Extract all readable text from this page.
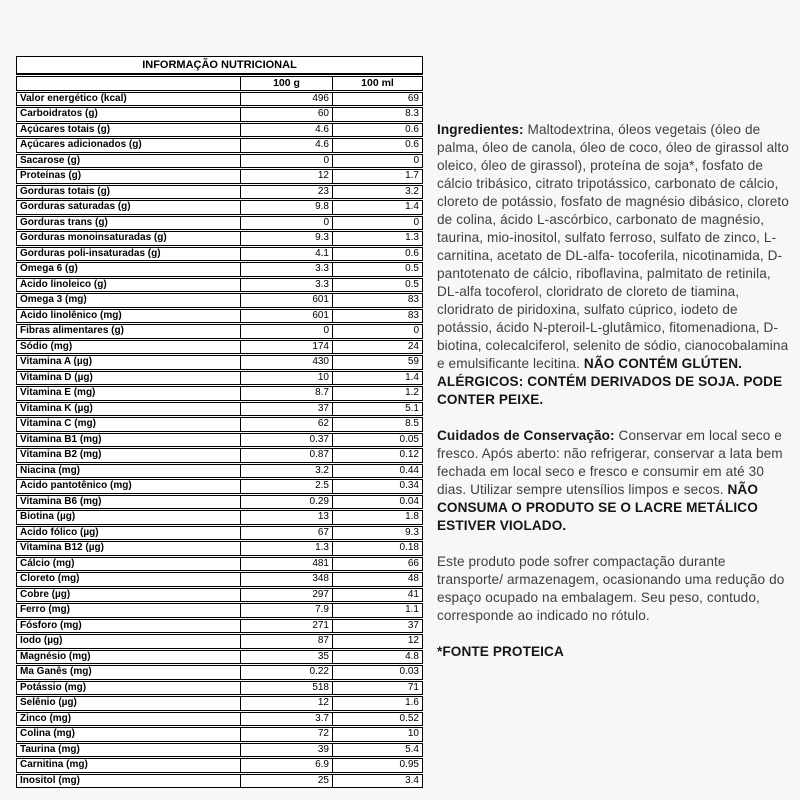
INFORMAÇÃO NUTRICIONAL		
	100 g	100 ml
Valor energético (kcal)	496	69
Carboidratos (g)	60	8.3
Açúcares totais (g)	4.6	0.6
Açúcares adicionados (g)	4.6	0.6
Sacarose (g)	0	0
Proteínas (g)	12	1.7
Gorduras totais (g)	23	3.2
Gorduras saturadas (g)	9.8	1.4
Gorduras trans (g)	0	0
Gorduras monoinsaturadas (g)	9.3	1.3
Gorduras poli-insaturadas (g)	4.1	0.6
Ômega 6 (g)	3.3	0.5
Ácido linoleico (g)	3.3	0.5
Ômega 3 (mg)	601	83
Ácido linolênico (mg)	601	83
Fibras alimentares (g)	0	0
Sódio (mg)	174	24
Vitamina A (µg)	430	59
Vitamina D (µg)	10	1.4
Vitamina E (mg)	8.7	1.2
Vitamina K (µg)	37	5.1
Vitamina C (mg)	62	8.5
Vitamina B1 (mg)	0.37	0.05
Vitamina B2 (mg)	0.87	0.12
Niacina (mg)	3.2	0.44
Ácido pantotênico (mg)	2.5	0.34
Vitamina B6 (mg)	0.29	0.04
Biotina (µg)	13	1.8
Ácido fólico (µg)	67	9.3
Vitamina B12 (µg)	1.3	0.18
Cálcio (mg)	481	66
Cloreto (mg)	348	48
Cobre (µg)	297	41
Ferro (mg)	7.9	1.1
Fósforo (mg)	271	37
Iodo (µg)	87	12
Magnésio (mg)	35	4.8
Ma Ganês (mg)	0.22	0.03
Potássio (mg)	518	71
Selênio (µg)	12	1.6
Zinco (mg)	3.7	0.52
Colina (mg)	72	10
Taurina (mg)	39	5.4
Carnitina (mg)	6.9	0.95
Inositol (mg)	25	3.4

Ingredientes: Maltodextrina, óleos vegetais (óleo de palma, óleo de canola, óleo de coco, óleo de girassol alto oleico, óleo de girassol), proteína de soja*, fosfato de cálcio tribásico, citrato tripotássico, carbonato de cálcio, cloreto de potássio, fosfato de magnésio dibásico, cloreto de colina, ácido L-ascórbico, carbonato de magnésio, taurina, mio-inositol, sulfato ferroso, sulfato de zinco, L-carnitina, acetato de DL-alfa- tocoferila, nicotinamida, D-pantotenato de cálcio, riboflavina, palmitato de retinila, DL-alfa tocoferol, cloridrato de cloreto de tiamina, cloridrato de piridoxina, sulfato cúprico, iodeto de potássio, ácido N-pteroil-L-glutâmico, fitomenadiona, D-biotina, colecalciferol, selenito de sódio, cianocobalamina e emulsificante lecitina. NÃO CONTÉM GLÚTEN. ALÉRGICOS: CONTÉM DERIVADOS DE SOJA. PODE CONTER PEIXE.

Cuidados de Conservação: Conservar em local seco e fresco. Após aberto: não refrigerar, conservar a lata bem fechada em local seco e fresco e consumir em até 30 dias. Utilizar sempre utensílios limpos e secos. NÃO CONSUMA O PRODUTO SE O LACRE METÁLICO ESTIVER VIOLADO.

Este produto pode sofrer compactação durante transporte/ armazenagem, ocasionando uma redução do espaço ocupado na embalagem. Seu peso, contudo, corresponde ao indicado no rótulo.

*FONTE PROTEICA
